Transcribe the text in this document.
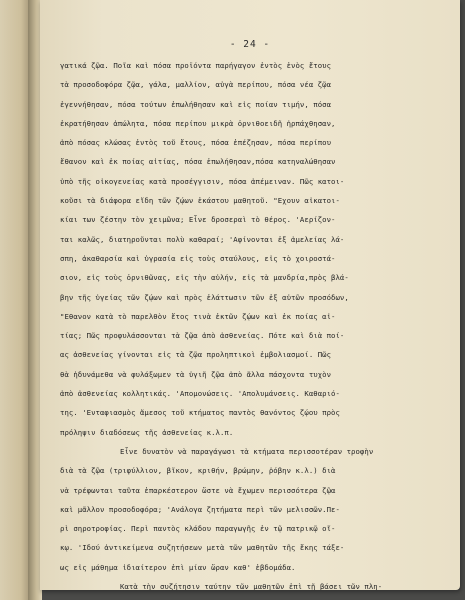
- 24 -
γατικά ζῷα. Ποῖα καὶ πόσα προϊόντα παρήγαγον ἐντὸς ἑνὸς ἔτους
τὰ προσοδοφόρα ζῷα, γάλα, μαλλίον, αὐγὰ περίπου, πόσα νέα ζῷα
ἐγεννήθησαν, πόσα τούτων ἐπωλήθησαν καὶ εἰς ποίαν τιμήν, πόσα
ἐκρατήθησαν ἀπώλητα, πόσα περίπου μικρὰ ὀρνιθοειδῆ ἠρπάχθησαν,
ἀπὸ πόσας κλώσας ἐντὸς τοῦ ἔτους, πόσα ἐπέζησαν, πόσα περίπου
ἔθανον καὶ ἐκ ποίας αἰτίας, πόσα ἐπωλήθησαν,πόσα κατηναλώθησαν
ὑπὸ τῆς οἰκογενείας κατὰ προσέγγισιν, πόσα ἀπέμειναν. Πῶς κατοι-
κοῦσι τὰ διάφορα εἴδη τῶν ζῴων ἑκάστου μαθητοῦ. "Εχουν αἰκατοι-
κίαι των ζέστην τὸν χειμῶνα; Εἶνε δροσεραὶ τὸ θέρος. 'Αερίζον-
ται καλῶς, διατηροῦνται πολὺ καθαραί; 'Αφίνονται ἐξ ἀμελείας λά-
σπη, ἀκαθαρσία καὶ ὑγρασία εἰς τοὺς σταύλους, εἰς τὸ χοιροστά-
σιον, εἰς τοὺς ὀρνιθῶνας, εἰς τὴν αὐλήν, εἰς τὰ μανδρία,πρὸς βλά-
βην τῆς ὑγείας τῶν ζῴων καὶ πρὸς ἐλάττωσιν τῶν ἐξ αὐτῶν προσόδων,
"Εθανον κατὰ τὸ παρελθὸν ἔτος τινὰ ἐκτῶν ζῴων καὶ ἐκ ποίας αἰ-
τίας; Πῶς προφυλάσσονται τὰ ζῷα ἀπὸ ἀσθενείας. Πότε καὶ διὰ ποί-
ας ἀσθενείας γίνονται εἰς τὰ ζῷα προληπτικοὶ ἐμβολιασμοί. Πῶς
θὰ ἠδυνάμεθα νὰ φυλάξωμεν τὰ ὑγιῆ ζῷα ἀπὸ ἄλλα πάσχοντα τυχὸν
ἀπὸ ἀσθενείας κολλητικάς. 'Απομονώσεις. 'Απολυμάνσεις. Καθαριό-
της. 'Ενταφιασμὸς ἄμεσος τοῦ κτήματος παντὸς θανόντος ζῴου πρὸς
πρόληψιν διαδόσεως τῆς ἀσθενείας κ.λ.π.
Εἶνε δυνατὸν νὰ παραγάγωσι τὰ κτήματα περισσοτέραν τροφὴν
διὰ τὰ ζῷα (τριφύλλιον, βῖκον, κριθήν, βρώμην, ῥόβην κ.λ.) διὰ
νὰ τρέφωνται ταῦτα ἐπαρκέστερον ὥστε νὰ ἔχωμεν περισσότερα ζῷα
καὶ μᾶλλον προσοδοφόρα; 'Ανάλογα ζητήματα περὶ τῶν μελισσῶν.Πε-
ρὶ σηροτροφίας. Περὶ παντὸς κλάδου παραγωγῆς ἐν τῷ πατρικῷ οἴ-
κῳ. 'Ιδού ἀντικείμενα συζητήσεων μετὰ τῶν μαθητῶν τῆς ἕκης τάξε-
ως εἰς μάθημα ἰδιαίτερον ἐπὶ μίαν ὥραν καθ' ἑβδομάδα.
Κατὰ τὴν συζήτησιν ταύτην τῶν μαθητῶν ἐπὶ τῇ βάσει τῶν πλη-
